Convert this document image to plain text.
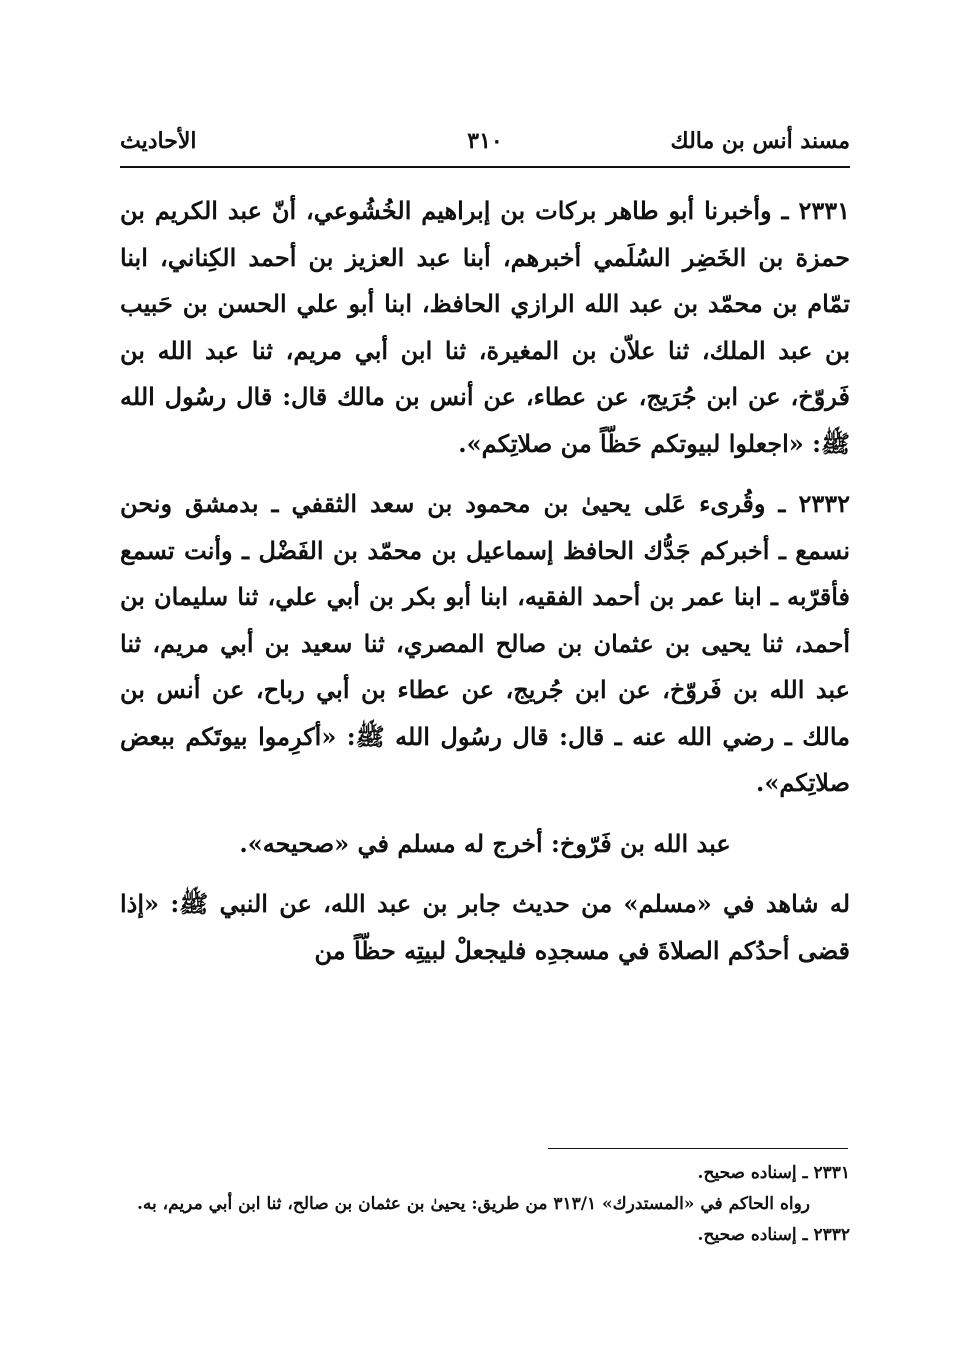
مسند أنس بن مالك
٣١٠
الأحاديث

٢٣٣١ ـ وأخبرنا أبو طاهر بركات بن إبراهيم الخُشُوعي، أنّ عبد الكريم بن حمزة بن الخَضِر السُلَمي أخبرهم، أبنا عبد العزيز بن أحمد الكِناني، ابنا تمّام بن محمّد بن عبد الله الرازي الحافظ، ابنا أبو علي الحسن بن حَبيب بن عبد الملك، ثنا علاّن بن المغيرة، ثنا ابن أبي مريم، ثنا عبد الله بن فَروّخ، عن ابن جُرَيج، عن عطاء، عن أنس بن مالك قال: قال رسُول الله ﷺ: «اجعلوا لبيوتكم حَظّاً من صلاتِكم».

٢٣٣٢ ـ وقُرىء عَلى يحيىٰ بن محمود بن سعد الثقفي ـ بدمشق ونحن نسمع ـ أخبركم جَدُّك الحافظ إسماعيل بن محمّد بن الفَضْل ـ وأنت تسمع فأقرّبه ـ ابنا عمر بن أحمد الفقيه، ابنا أبو بكر بن أبي علي، ثنا سليمان بن أحمد، ثنا يحيى بن عثمان بن صالح المصري، ثنا سعيد بن أبي مريم، ثنا عبد الله بن فَروّخ، عن ابن جُريج، عن عطاء بن أبي رباح، عن أنس بن مالك ـ رضي الله عنه ـ قال: قال رسُول الله ﷺ: «أكرِموا بيوتَكم ببعض صلاتِكم».

عبد الله بن فَرّوخ: أخرج له مسلم في «صحيحه».

له شاهد في «مسلم» من حديث جابر بن عبد الله، عن النبي ﷺ: «إذا قضى أحدُكم الصلاةَ في مسجدِه فليجعلْ لبيتِه حظّاً من

٢٣٣١ ـ إسناده صحيح.

رواه الحاكم في «المستدرك» ٣١٣/١ من طريق: يحيىٰ بن عثمان بن صالح، ثنا ابن أبي مريم، به.

٢٣٣٢ ـ إسناده صحيح.
